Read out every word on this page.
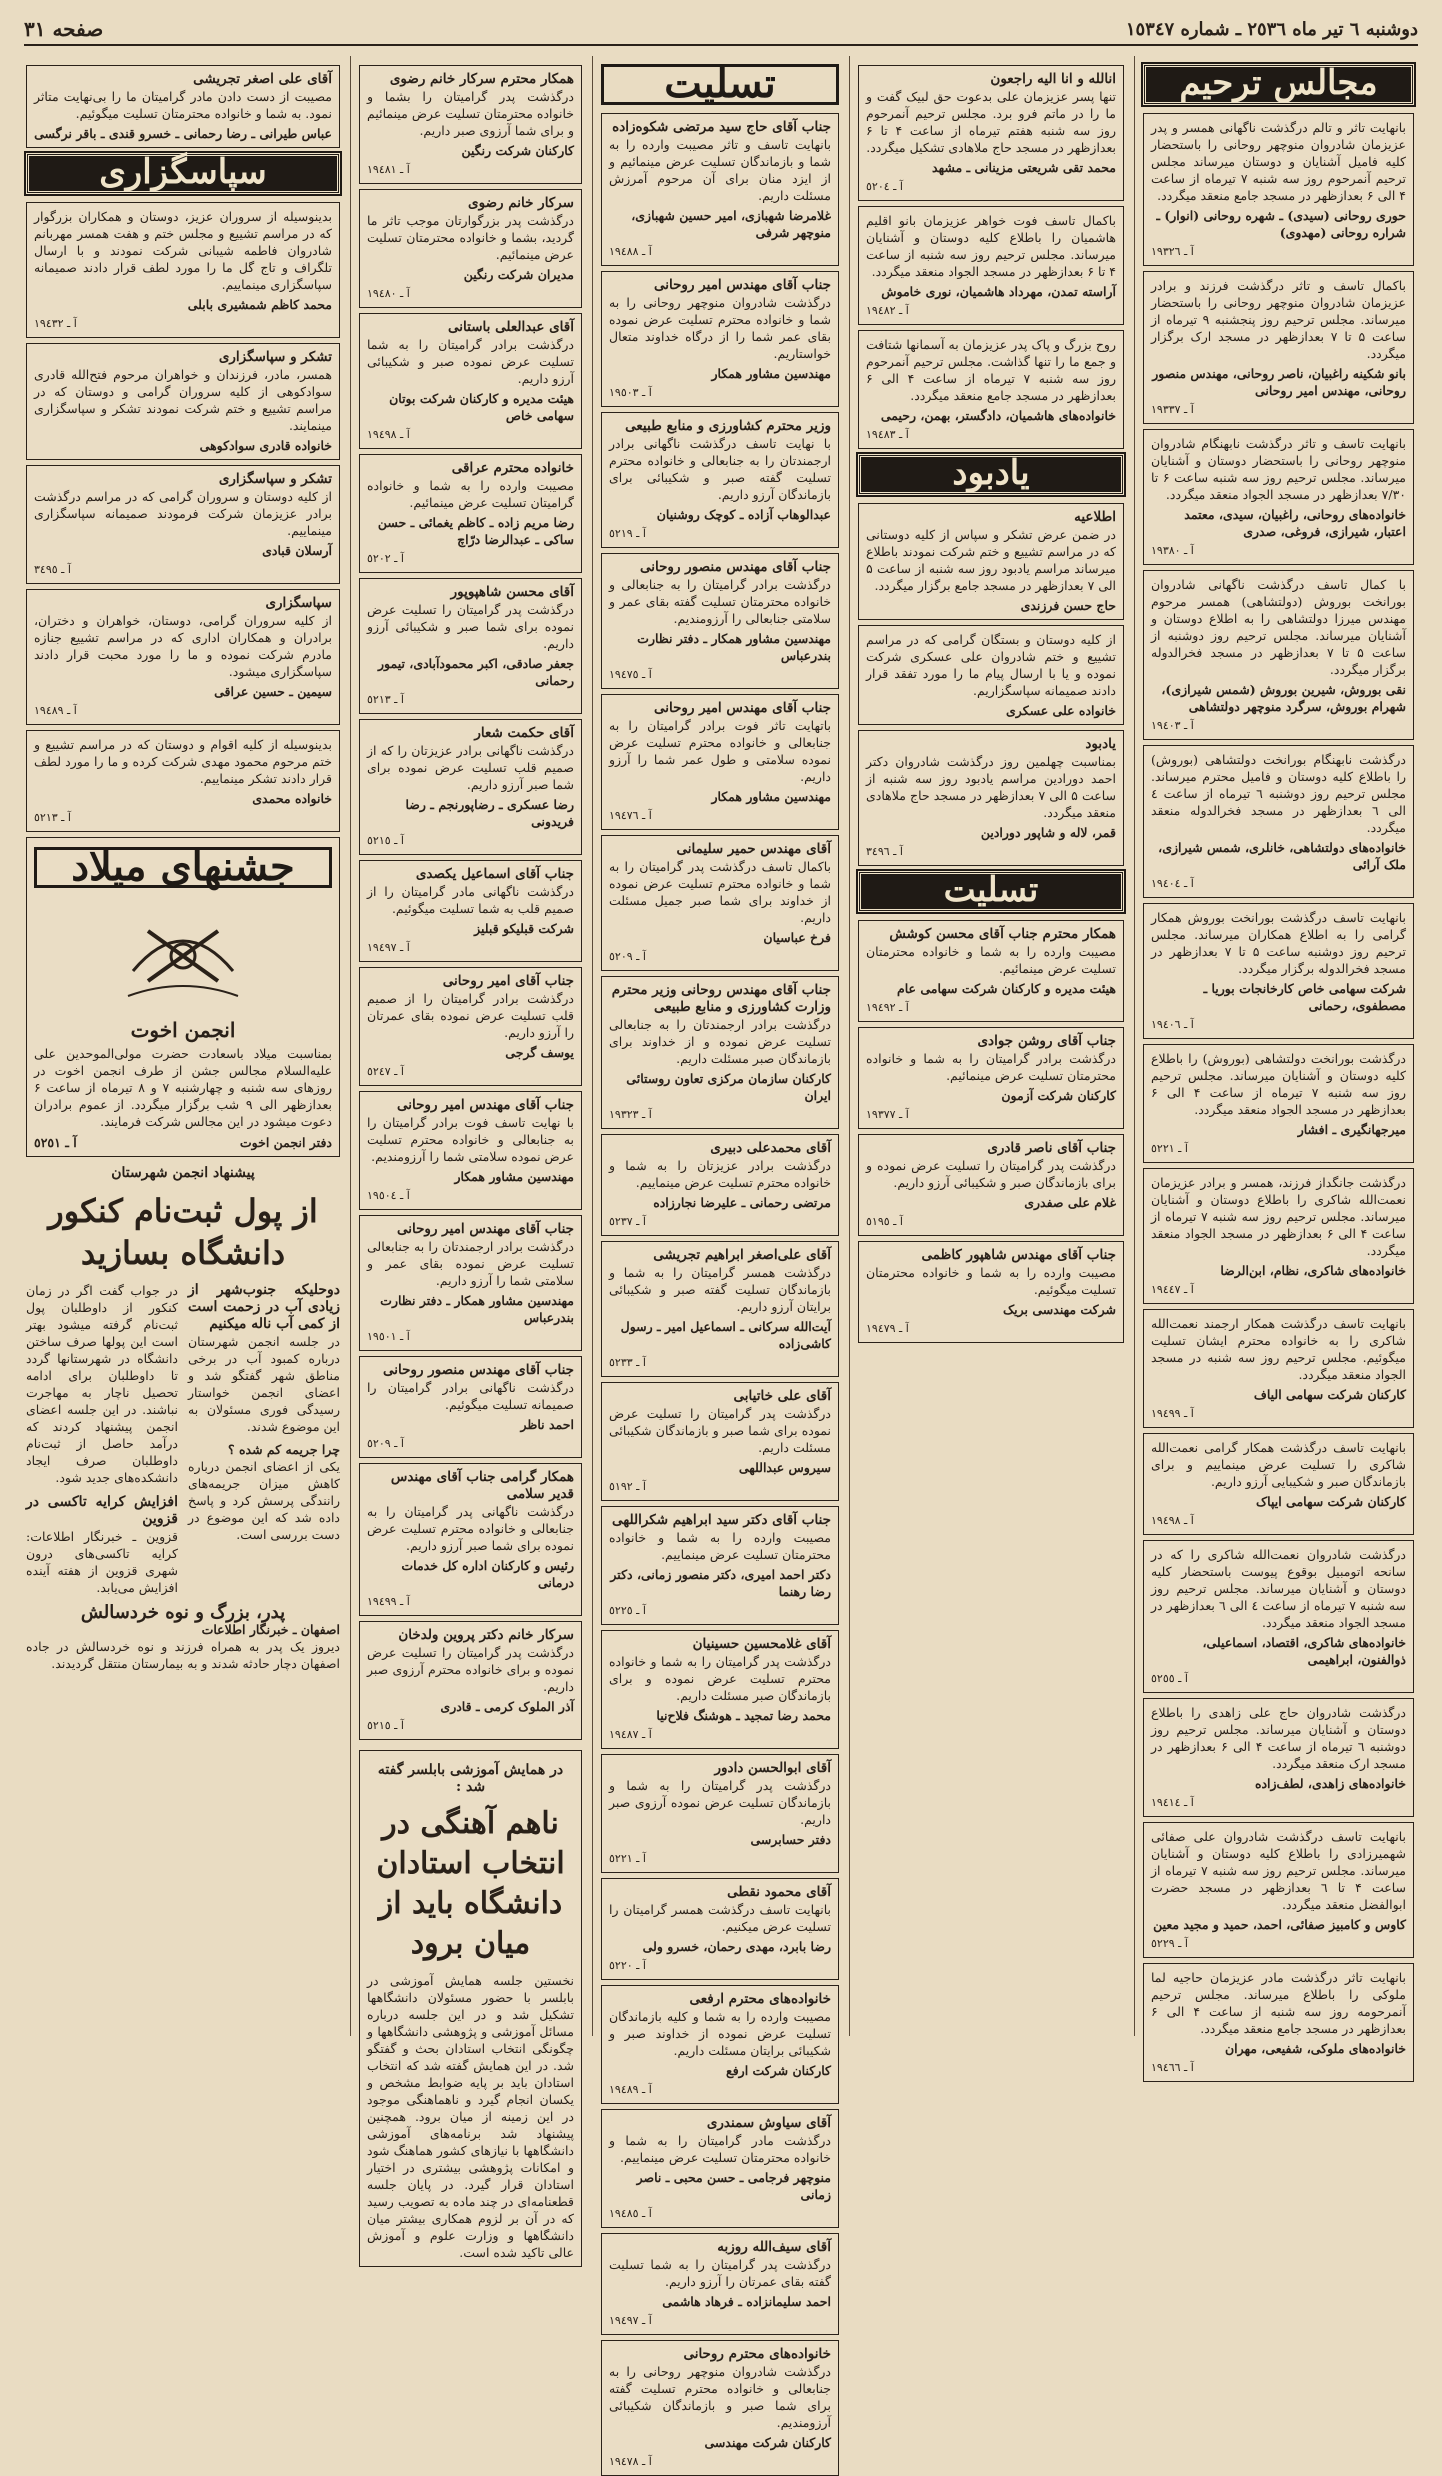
دوشنبه ٦ تیر ماه ٢٥٣٦ ـ شماره ١٥٣٤٧
صفحه ٣١
مجالس ترحیم
بانهایت تاثر و تالم درگذشت ناگهانی همسر و پدر عزیزمان شادروان منوچهر روحانی را باستحضار کلیه فامیل آشنایان و دوستان میرساند مجلس ترحیم آنمرحوم روز سه شنبه ٧ تیرماه از ساعت ۴ الی ۶ بعدازظهر در مسجد جامع منعقد میگردد.
حوری روحانی (سیدی) ـ شهره روحانی (انوار) ـ شراره روحانی (مهدوی)
آ ـ ١٩٣٢٦
باکمال تاسف و تاثر درگذشت فرزند و برادر عزیزمان شادروان منوچهر روحانی را باستحضار میرساند. مجلس ترحیم روز پنجشنبه ٩ تیرماه از ساعت ۵ تا ٧ بعدازظهر در مسجد ارک برگزار میگردد.
بانو شکینه راغبیان، ناصر روحانی، مهندس منصور روحانی، مهندس امیر روحانی
آ ـ ١٩٣٣٧
بانهایت تاسف و تاثر درگذشت نابهنگام شادروان منوچهر روحانی را باستحضار دوستان و آشنایان میرساند. مجلس ترحیم روز سه شنبه ساعت ۶ تا ٧/٣٠ بعدازظهر در مسجد الجواد منعقد میگردد.
خانواده‌های روحانی، راغبیان، سیدی، معتمد اعتبار، شیرازی، فروغی، صدری
آ ـ ١٩٣٨٠
با کمال تاسف درگذشت ناگهانی شادروان بورانخت بوروش (دولتشاهی) همسر مرحوم مهندس میرزا دولتشاهی را به اطلاع دوستان و آشنایان میرساند. مجلس ترحیم روز دوشنبه از ساعت ۵ تا ٧ بعدازظهر در مسجد فخرالدوله برگزار میگردد.
نقی بوروش، شیرین بوروش (شمس شیرازی)، شهرام بوروش، سرگرد منوچهر دولتشاهی
آ ـ ١٩٤٠٣
درگذشت نابهنگام بورانخت دولتشاهی (بوروش) را باطلاع کلیه دوستان و فامیل محترم میرساند. مجلس ترحیم روز دوشنبه ٦ تیرماه از ساعت ٤ الی ٦ بعدازظهر در مسجد فخرالدوله منعقد میگردد.
خانواده‌های دولتشاهی، خانلری، شمس شیرازی، ملک آرائی
آ ـ ١٩٤٠٤
بانهایت تاسف درگذشت بورانخت بوروش همکار گرامی را به اطلاع همکاران میرساند. مجلس ترحیم روز دوشنبه ساعت ۵ تا ٧ بعدازظهر در مسجد فخرالدوله برگزار میگردد.
شرکت سهامی خاص کارخانجات بوریا ـ مصطفوی، رحمانی
آ ـ ١٩٤٠٦
درگذشت بورانخت دولتشاهی (بوروش) را باطلاع کلیه دوستان و آشنایان میرساند. مجلس ترحیم روز سه شنبه ٧ تیرماه از ساعت ۴ الی ۶ بعدازظهر در مسجد الجواد منعقد میگردد.
میرجهانگیری ـ افشار
آ ـ ٥٢٢١
درگذشت جانگداز فرزند، همسر و برادر عزیزمان نعمت‌الله شاکری را باطلاع دوستان و آشنایان میرساند. مجلس ترحیم روز سه شنبه ٧ تیرماه از ساعت ۴ الی ۶ بعدازظهر در مسجد الجواد منعقد میگردد.
خانواده‌های شاکری، نظام، ابن‌الرضا
آ ـ ١٩٤٤٧
بانهایت تاسف درگذشت همکار ارجمند نعمت‌الله شاکری را به خانواده محترم ایشان تسلیت میگوئیم. مجلس ترحیم روز سه شنبه در مسجد الجواد منعقد میگردد.
کارکنان شرکت سهامی الیاف
آ ـ ١٩٤٩٩
بانهایت تاسف درگذشت همکار گرامی نعمت‌الله شاکری را تسلیت عرض مینماییم و برای بازماندگان صبر و شکیبایی آرزو داریم.
کارکنان شرکت سهامی ایپاک
آ ـ ١٩٤٩٨
درگذشت شادروان نعمت‌الله شاکری را که در سانحه اتومبیل بوقوع پیوست باستحضار کلیه دوستان و آشنایان میرساند. مجلس ترحیم روز سه شنبه ۷ تیرماه از ساعت ٤ الی ٦ بعدازظهر در مسجد الجواد منعقد میگردد.
خانواده‌های شاکری، اقتصاد، اسماعیلی، ذوالفنون، ابراهیمی
آ ـ ٥٢٥٥
درگذشت شادروان حاج علی زاهدی را باطلاع دوستان و آشنایان میرساند. مجلس ترحیم روز دوشنبه ٦ تیرماه از ساعت ۴ الی ۶ بعدازظهر در مسجد ارک منعقد میگردد.
خانواده‌های زاهدی، لطف‌زاده
آ ـ ١٩٤١٤
بانهایت تاسف درگذشت شادروان علی صفائی شهمیرزادی را باطلاع کلیه دوستان و آشنایان میرساند. مجلس ترحیم روز سه شنبه ٧ تیرماه از ساعت ۴ تا ٦ بعدازظهر در مسجد حضرت ابوالفضل منعقد میگردد.
کاوس و کامبیز صفائی، احمد، حمید و مجید معین
آ ـ ٥٢٢٩
بانهایت تاثر درگذشت مادر عزیزمان حاجیه لما ملوکی را باطلاع میرساند. مجلس ترحیم آنمرحومه روز سه شنبه از ساعت ۴ الی ۶ بعدازظهر در مسجد جامع منعقد میگردد.
خانواده‌های ملوکی، شفیعی، مهران
آ ـ ١٩٤٦٦
انالله و انا الیه راجعون
تنها پسر عزیزمان علی بدعوت حق لبیک گفت و ما را در ماتم فرو برد. مجلس ترحیم آنمرحوم روز سه شنبه هفتم تیرماه از ساعت ۴ تا ۶ بعدازظهر در مسجد حاج ملاهادی تشکیل میگردد.
محمد تقی شریعتی مزینانی ـ مشهد
آ ـ ٥٢٠٤
باکمال تاسف فوت خواهر عزیزمان بانو اقلیم هاشمیان را باطلاع کلیه دوستان و آشنایان میرساند. مجلس ترحیم روز سه شنبه از ساعت ۴ تا ۶ بعدازظهر در مسجد الجواد منعقد میگردد.
آراسته تمدن، مهرداد هاشمیان، نوری خاموش
آ ـ ١٩٤٨٢
روح بزرگ و پاک پدر عزیزمان به آسمانها شتافت و جمع ما را تنها گذاشت. مجلس ترحیم آنمرحوم روز سه شنبه ٧ تیرماه از ساعت ۴ الی ۶ بعدازظهر در مسجد جامع منعقد میگردد.
خانواده‌های هاشمیان، دادگستر، بهمن، رحیمی
آ ـ ١٩٤٨٣
یادبود
اطلاعیه
در ضمن عرض تشکر و سپاس از کلیه دوستانی که در مراسم تشییع و ختم شرکت نمودند باطلاع میرساند مراسم یادبود روز سه شنبه از ساعت ۵ الی ٧ بعدازظهر در مسجد جامع برگزار میگردد.
حاج حسن فرزندی
از کلیه دوستان و بستگان گرامی که در مراسم تشییع و ختم شادروان علی عسکری شرکت نموده و یا با ارسال پیام ما را مورد تفقد قرار دادند صمیمانه سپاسگزاریم.
خانواده علی عسکری
یادبود
بمناسبت چهلمین روز درگذشت شادروان دکتر احمد دورادین مراسم یادبود روز سه شنبه از ساعت ۵ الی ٧ بعدازظهر در مسجد حاج ملاهادی منعقد میگردد.
قمر، لاله و شاپور دورادین
آ ـ ٣٤٩٦
تسلیت
همکار محترم جناب آقای محسن کوشش
مصیبت وارده را به شما و خانواده محترمتان تسلیت عرض مینمائیم.
هیئت مدیره و کارکنان شرکت سهامی عام
آ ـ ١٩٤٩٢
جناب آقای روشن جوادی
درگذشت برادر گرامیتان را به شما و خانواده محترمتان تسلیت عرض مینمائیم.
کارکنان شرکت آزمون
آ ـ ١٩٣٧٧
جناب آقای ناصر قادری
درگذشت پدر گرامیتان را تسلیت عرض نموده و برای بازماندگان صبر و شکیبائی آرزو داریم.
غلام علی صفدری
آ ـ ٥١٩٥
جناب آقای مهندس شاهپور کاظمی
مصیبت وارده را به شما و خانواده محترمتان تسلیت میگوئیم.
شرکت مهندسی بریک
آ ـ ١٩٤٧٩
تسلیت
جناب آقای حاج سید مرتضی شکوه‌زاده
بانهایت تاسف و تاثر مصیبت وارده را به شما و بازماندگان تسلیت عرض مینمائیم و از ایزد منان برای آن مرحوم آمرزش مسئلت داریم.
غلامرضا شهبازی، امیر حسین شهبازی، منوچهر شرفی
آ ـ ١٩٤٨٨
جناب آقای مهندس امیر روحانی
درگذشت شادروان منوچهر روحانی را به شما و خانواده محترم تسلیت عرض نموده بقای عمر شما را از درگاه خداوند متعال خواستاریم.
مهندسین مشاور همکار
آ ـ ١٩٥٠٣
وزیر محترم کشاورزی و منابع طبیعی
با نهایت تاسف درگذشت ناگهانی برادر ارجمندتان را به جنابعالی و خانواده محترم تسلیت گفته صبر و شکیبائی برای بازماندگان آرزو داریم.
عبدالوهاب آزاده ـ کوچک روشنیان
آ ـ ٥٢١٩
جناب آقای مهندس منصور روحانی
درگذشت برادر گرامیتان را به جنابعالی و خانواده محترمتان تسلیت گفته بقای عمر و سلامتی جنابعالی را آرزومندیم.
مهندسین مشاور همکار ـ دفتر نظارت بندرعباس
آ ـ ١٩٤٧٥
جناب آقای مهندس امیر روحانی
باتهایت تاثر فوت برادر گرامیتان را به جنابعالی و خانواده محترم تسلیت عرض نموده سلامتی و طول عمر شما را آرزو داریم.
مهندسین مشاور همکار
آ ـ ١٩٤٧٦
آقای مهندس حمیر سلیمانی
باکمال تاسف درگذشت پدر گرامیتان را به شما و خانواده محترم تسلیت عرض نموده از خداوند برای شما صبر جمیل مسئلت داریم.
فرخ عباسیان
آ ـ ٥٢٠٩
جناب آقای مهندس روحانی وزیر محترم وزارت کشاورزی و منابع طبیعی
درگذشت برادر ارجمندتان را به جنابعالی تسلیت عرض نموده و از خداوند برای بازماندگان صبر مسئلت داریم.
کارکنان سازمان مرکزی تعاون روستائی ایران
آ ـ ١٩٣٢٣
آقای محمدعلی دبیری
درگذشت برادر عزیزتان را به شما و خانواده محترم تسلیت عرض مینماییم.
مرتضی رحمانی ـ علیرضا نجارزاده
آ ـ ٥٢٣٧
آقای علی‌اصغر ابراهیم تجریشی
درگذشت همسر گرامیتان را به شما و بازماندگان تسلیت گفته صبر و شکیبائی برایتان آرزو داریم.
آیت‌الله سرکانی ـ اسماعیل امیر ـ رسول کاشی‌زاده
آ ـ ٥٢٣٣
آقای علی خاتیابی
درگذشت پدر گرامیتان را تسلیت عرض نموده برای شما صبر و بازماندگان شکیبائی مسئلت داریم.
سیروس عبداللهی
آ ـ ٥١٩٢
جناب آقای دکتر سید ابراهیم شکراللهی
مصیبت وارده را به شما و خانواده محترمتان تسلیت عرض مینماییم.
دکتر احمد امیری، دکتر منصور زمانی، دکتر رضا رهنما
آ ـ ٥٢٢٥
آقای غلامحسین حسینیان
درگذشت پدر گرامیتان را به شما و خانواده محترم تسلیت عرض نموده و برای بازماندگان صبر مسئلت داریم.
محمد رضا تمجید ـ هوشنگ فلاح‌نیا
آ ـ ١٩٤٨٧
آقای ابوالحسن دادور
درگذشت پدر گرامیتان را به شما و بازماندگان تسلیت عرض نموده آرزوی صبر داریم.
دفتر حسابرسی
آ ـ ٥٢٢١
آقای محمود نقطی
بانهایت تاسف درگذشت همسر گرامیتان را تسلیت عرض میکنیم.
رضا بابرد، مهدی رحمان، خسرو ولی
آ ـ ٥٢٢٠
خانواده‌های محترم ارفعی
مصیبت وارده را به شما و کلیه بازماندگان تسلیت عرض نموده از خداوند صبر و شکیبائی برایتان مسئلت داریم.
کارکنان شرکت ارفع
آ ـ ١٩٤٨٩
آقای سیاوش سمندری
درگذشت مادر گرامیتان را به شما و خانواده محترمتان تسلیت عرض مینماییم.
منوچهر فرجامی ـ حسن محبی ـ ناصر زمانی
آ ـ ١٩٤٨٥
آقای سیف‌الله روزبه
درگذشت پدر گرامیتان را به شما تسلیت گفته بقای عمرتان را آرزو داریم.
احمد سلیمانزاده ـ فرهاد هاشمی
آ ـ ١٩٤٩٧
خانواده‌های محترم روحانی
درگذشت شادروان منوچهر روحانی را به جنابعالی و خانواده محترم تسلیت گفته برای شما صبر و بازماندگان شکیبائی آرزومندیم.
کارکنان شرکت مهندسی
آ ـ ١٩٤٧٨
همکار محترم سرکار خانم رضوی
درگذشت پدر گرامیتان را بشما و خانواده محترمتان تسلیت عرض مینمائیم و برای شما آرزوی صبر داریم.
کارکنان شرکت رنگین
آ ـ ١٩٤٨١
سرکار خانم رضوی
درگذشت پدر بزرگوارتان موجب تاثر ما گردید، بشما و خانواده محترمتان تسلیت عرض مینمائیم.
مدیران شرکت رنگین
آ ـ ١٩٤٨٠
آقای عبدالعلی باستانی
درگذشت برادر گرامیتان را به شما تسلیت عرض نموده صبر و شکیبائی آرزو داریم.
هیئت مدیره و کارکنان شرکت بوتان سهامی خاص
آ ـ ١٩٤٩٨
خانواده محترم عراقی
مصیبت وارده را به شما و خانواده گرامیتان تسلیت عرض مینمائیم.
رضا مریم زاده ـ کاظم یغمائی ـ حسن ساکی ـ عبدالرضا درّاچ
آ ـ ٥٢٠٢
آقای محسن شاهپوپور
درگذشت پدر گرامیتان را تسلیت عرض نموده برای شما صبر و شکیبائی آرزو داریم.
جعفر صادقی، اکبر محمودآبادی، تیمور رحمانی
آ ـ ٥٢١٣
آقای حکمت شعار
درگذشت ناگهانی برادر عزیزتان را که از صمیم قلب تسلیت عرض نموده برای شما صبر آرزو داریم.
رضا عسکری ـ رضاپورنجم ـ رضا فریدونی
آ ـ ٥٢١٥
جناب آقای اسماعیل یکصدی
درگذشت ناگهانی مادر گرامیتان را از صمیم قلب به شما تسلیت میگوئیم.
شرکت قبلیکو قبلیز
آ ـ ١٩٤٩٧
جناب آقای امیر روحانی
درگذشت برادر گرامیتان را از صمیم قلب تسلیت عرض نموده بقای عمرتان را آرزو داریم.
یوسف گرجی
آ ـ ٥٢٤٧
جناب آقای مهندس امیر روحانی
با نهایت تاسف فوت برادر گرامیتان را به جنابعالی و خانواده محترم تسلیت عرض نموده سلامتی شما را آرزومندیم.
مهندسین مشاور همکار
آ ـ ١٩٥٠٤
جناب آقای مهندس امیر روحانی
درگذشت برادر ارجمندتان را به جنابعالی تسلیت عرض نموده بقای عمر و سلامتی شما را آرزو داریم.
مهندسین مشاور همکار ـ دفتر نظارت بندرعباس
آ ـ ١٩٥٠١
جناب آقای مهندس منصور روحانی
درگذشت ناگهانی برادر گرامیتان را صمیمانه تسلیت میگوئیم.
احمد ناظر
آ ـ ٥٢٠٩
همکار گرامی جناب آقای مهندس قدیر سلامی
درگذشت ناگهانی پدر گرامیتان را به جنابعالی و خانواده محترم تسلیت عرض نموده برای شما صبر آرزو داریم.
رئیس و کارکنان اداره کل خدمات درمانی
آ ـ ١٩٤٩٩
سرکار خانم دکتر پروین ولدخان
درگذشت پدر گرامیتان را تسلیت عرض نموده و برای خانواده محترم آرزوی صبر داریم.
آذر الملوک کرمی ـ قادری
آ ـ ٥٢١٥
در همایش آموزشی بابلسر گفته شد :
ناهم آهنگی در انتخاب استادان دانشگاه باید از میان برود
نخستین جلسه همایش آموزشی در بابلسر با حضور مسئولان دانشگاهها تشکیل شد و در این جلسه درباره مسائل آموزشی و پژوهشی دانشگاهها و چگونگی انتخاب استادان بحث و گفتگو شد. در این همایش گفته شد که انتخاب استادان باید بر پایه ضوابط مشخص و یکسان انجام گیرد و ناهماهنگی موجود در این زمینه از میان برود. همچنین پیشنهاد شد برنامه‌های آموزشی دانشگاهها با نیازهای کشور هماهنگ شود و امکانات پژوهشی بیشتری در اختیار استادان قرار گیرد. در پایان جلسه قطعنامه‌ای در چند ماده به تصویب رسید که در آن بر لزوم همکاری بیشتر میان دانشگاهها و وزارت علوم و آموزش عالی تاکید شده است.
آقای علی اصغر تجریشی
مصیبت از دست دادن مادر گرامیتان ما را بی‌نهایت متاثر نمود. به شما و خانواده محترمتان تسلیت میگوئیم.
عباس طیرانی ـ رضا رحمانی ـ خسرو قندی ـ باقر نرگسی
سپاسگزاری
بدینوسیله از سروران عزیز، دوستان و همکاران بزرگوار که در مراسم تشییع و مجلس ختم و هفت همسر مهربانم شادروان فاطمه شیبانی شرکت نمودند و با ارسال تلگراف و تاج گل ما را مورد لطف قرار دادند صمیمانه سپاسگزاری مینماییم.
محمد کاظم شمشیری بابلی
آ ـ ١٩٤٣٢
تشکر و سپاسگزاری
همسر، مادر، فرزندان و خواهران مرحوم فتح‌الله قادری سوادکوهی از کلیه سروران گرامی و دوستان که در مراسم تشییع و ختم شرکت نمودند تشکر و سپاسگزاری مینمایند.
خانواده قادری سوادکوهی
تشکر و سپاسگزاری
از کلیه دوستان و سروران گرامی که در مراسم درگذشت برادر عزیزمان شرکت فرمودند صمیمانه سپاسگزاری مینماییم.
آرسلان قبادی
آ ـ ٣٤٩٥
سپاسگزاری
از کلیه سروران گرامی، دوستان، خواهران و دختران، برادران و همکاران اداری که در مراسم تشییع جنازه مادرم شرکت نموده و ما را مورد محبت قرار دادند سپاسگزاری میشود.
سیمین ـ حسین عراقی
آ ـ ١٩٤٨٩
بدینوسیله از کلیه اقوام و دوستان که در مراسم تشییع و ختم مرحوم محمود مهدی شرکت کرده و ما را مورد لطف قرار دادند تشکر مینماییم.
خانواده محمدی
آ ـ ٥٢١٣
جشنهای میلاد
انجمن اخوت
بمناسبت میلاد باسعادت حضرت مولی‌الموحدین علی علیه‌السلام مجالس جشن از طرف انجمن اخوت در روزهای سه شنبه و چهارشنبه ٧ و ٨ تیرماه از ساعت ۶ بعدازظهر الی ٩ شب برگزار میگردد. از عموم برادران دعوت میشود در این مجالس شرکت فرمایند.
دفتر انجمن اخوت
آ ـ ٥٢٥١
پیشنهاد انجمن شهرستان
از پول ثبت‌نام کنکور دانشگاه بسازید
دوحلیکه جنوب‌شهر از زیادی آب در زحمت است از کمی آب ناله میکنیم
در جلسه انجمن شهرستان درباره کمبود آب در برخی مناطق شهر گفتگو شد و اعضای انجمن خواستار رسیدگی فوری مسئولان به این موضوع شدند.
چرا جریمه کم شده ؟
یکی از اعضای انجمن درباره کاهش میزان جریمه‌های رانندگی پرسش کرد و پاسخ داده شد که این موضوع در دست بررسی است.
در جواب گفت اگر در زمان کنکور از داوطلبان پول ثبت‌نام گرفته میشود بهتر است این پولها صرف ساختن دانشگاه در شهرستانها گردد تا داوطلبان برای ادامه تحصیل ناچار به مهاجرت نباشند. در این جلسه اعضای انجمن پیشنهاد کردند که درآمد حاصل از ثبت‌نام داوطلبان صرف ایجاد دانشکده‌های جدید شود.
افزایش کرایه تاکسی در قزوین
قزوین ـ خبرنگار اطلاعات: کرایه تاکسی‌های درون شهری قزوین از هفته آینده افزایش می‌یابد.
پدر، بزرگ و نوه خردسالش
اصفهان ـ خبرنگار اطلاعات
دیروز یک پدر به همراه فرزند و نوه خردسالش در جاده اصفهان دچار حادثه شدند و به بیمارستان منتقل گردیدند.
